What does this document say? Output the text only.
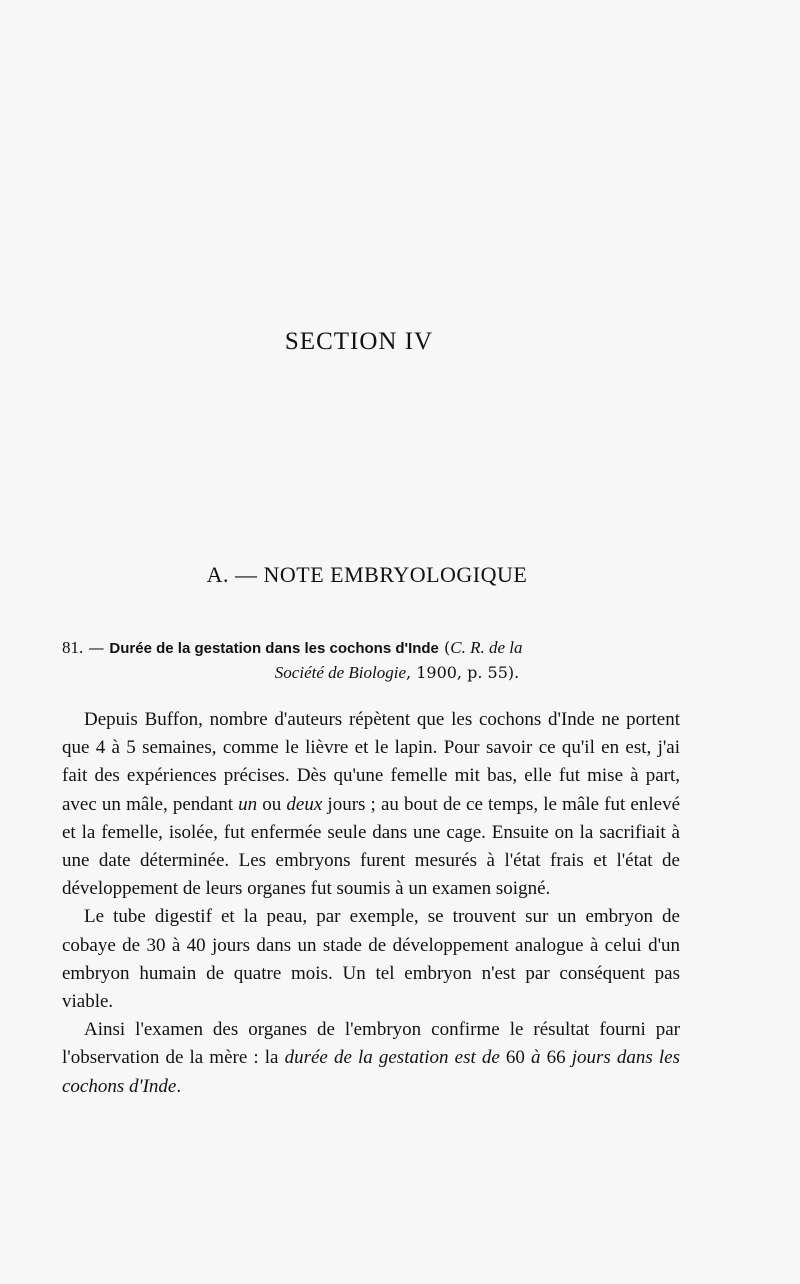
SECTION IV
A. — NOTE EMBRYOLOGIQUE
81. — Durée de la gestation dans les cochons d'Inde (C. R. de la
Société de Biologie, 1900, p. 55).

Depuis Buffon, nombre d'auteurs répètent que les cochons d'Inde ne portent que 4 à 5 semaines, comme le lièvre et le lapin. Pour savoir ce qu'il en est, j'ai fait des expériences précises. Dès qu'une femelle mit bas, elle fut mise à part, avec un mâle, pendant un ou deux jours ; au bout de ce temps, le mâle fut enlevé et la femelle, isolée, fut enfermée seule dans une cage. Ensuite on la sacrifiait à une date déterminée. Les embryons furent mesurés à l'état frais et l'état de développement de leurs organes fut soumis à un examen soigné.

Le tube digestif et la peau, par exemple, se trouvent sur un embryon de cobaye de 30 à 40 jours dans un stade de développement analogue à celui d'un embryon humain de quatre mois. Un tel embryon n'est par conséquent pas viable.

Ainsi l'examen des organes de l'embryon confirme le résultat fourni par l'observation de la mère : la durée de la gestation est de 60 à 66 jours dans les cochons d'Inde.
